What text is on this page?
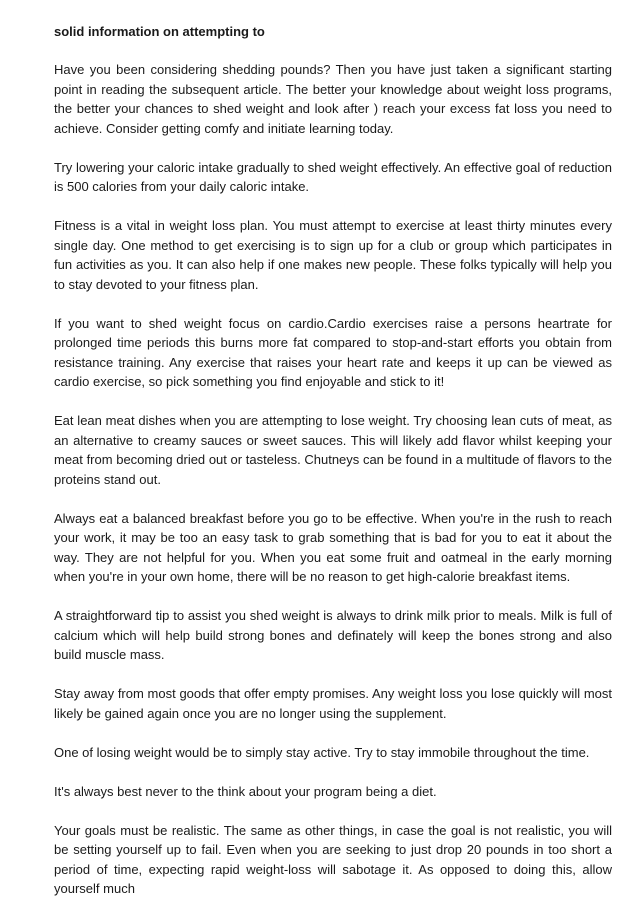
solid information on attempting to

Have you been considering shedding pounds? Then you have just taken a significant starting point in reading the subsequent article. The better your knowledge about weight loss programs, the better your chances to shed weight and look after ) reach your excess fat loss you need to achieve. Consider getting comfy and initiate learning today.

Try lowering your caloric intake gradually to shed weight effectively. An effective goal of reduction is 500 calories from your daily caloric intake.

Fitness is a vital in weight loss plan. You must attempt to exercise at least thirty minutes every single day. One method to get exercising is to sign up for a club or group which participates in fun activities as you. It can also help if one makes new people. These folks typically will help you to stay devoted to your fitness plan.

If you want to shed weight focus on cardio.Cardio exercises raise a persons heartrate for prolonged time periods this burns more fat compared to stop-and-start efforts you obtain from resistance training. Any exercise that raises your heart rate and keeps it up can be viewed as cardio exercise, so pick something you find enjoyable and stick to it!

Eat lean meat dishes when you are attempting to lose weight. Try choosing lean cuts of meat, as an alternative to creamy sauces or sweet sauces. This will likely add flavor whilst keeping your meat from becoming dried out or tasteless. Chutneys can be found in a multitude of flavors to the proteins stand out.

Always eat a balanced breakfast before you go to be effective. When you're in the rush to reach your work, it may be too an easy task to grab something that is bad for you to eat it about the way. They are not helpful for you. When you eat some fruit and oatmeal in the early morning when you're in your own home, there will be no reason to get high-calorie breakfast items.

A straightforward tip to assist you shed weight is always to drink milk prior to meals. Milk is full of calcium which will help build strong bones and definately will keep the bones strong and also build muscle mass.

Stay away from most goods that offer empty promises. Any weight loss you lose quickly will most likely be gained again once you are no longer using the supplement.

One of losing weight would be to simply stay active. Try to stay immobile throughout the time.

It's always best never to the think about your program being a diet.

Your goals must be realistic. The same as other things, in case the goal is not realistic, you will be setting yourself up to fail. Even when you are seeking to just drop 20 pounds in too short a period of time, expecting rapid weight-loss will sabotage it. As opposed to doing this, allow yourself much
